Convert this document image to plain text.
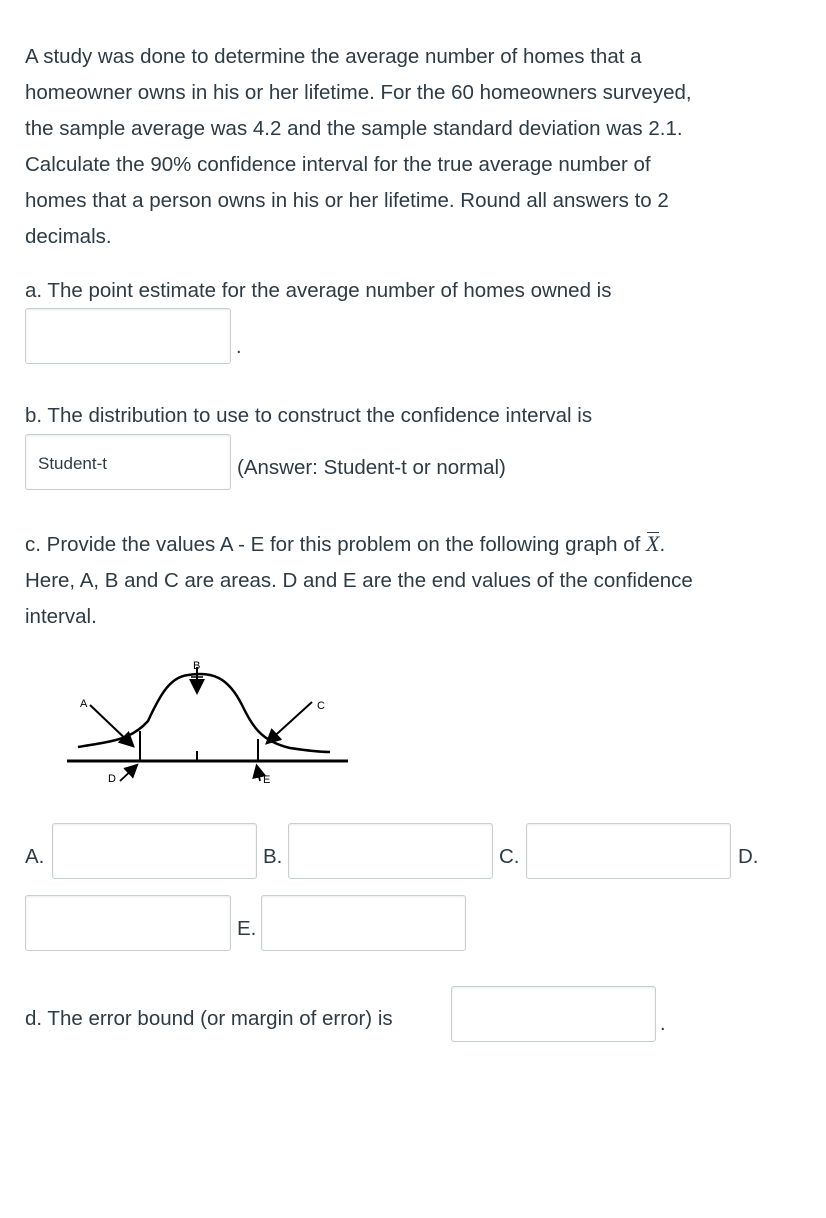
A study was done to determine the average number of homes that a
homeowner owns in his or her lifetime. For the 60 homeowners surveyed,
the sample average was 4.2 and the sample standard deviation was 2.1.
Calculate the 90% confidence interval for the true average number of
homes that a person owns in his or her lifetime. Round all answers to 2
decimals.
a. The point estimate for the average number of homes owned is
.
b. The distribution to use to construct the confidence interval is
Student-t	(Answer: Student-t or normal)
c. Provide the values A - E for this problem on the following graph of X.
Here, A, B and C are areas. D and E are the end values of the confidence
interval.
A
B
C
D	E
A.	B.	C.	D.
E.
d. The error bound (or margin of error) is	.
